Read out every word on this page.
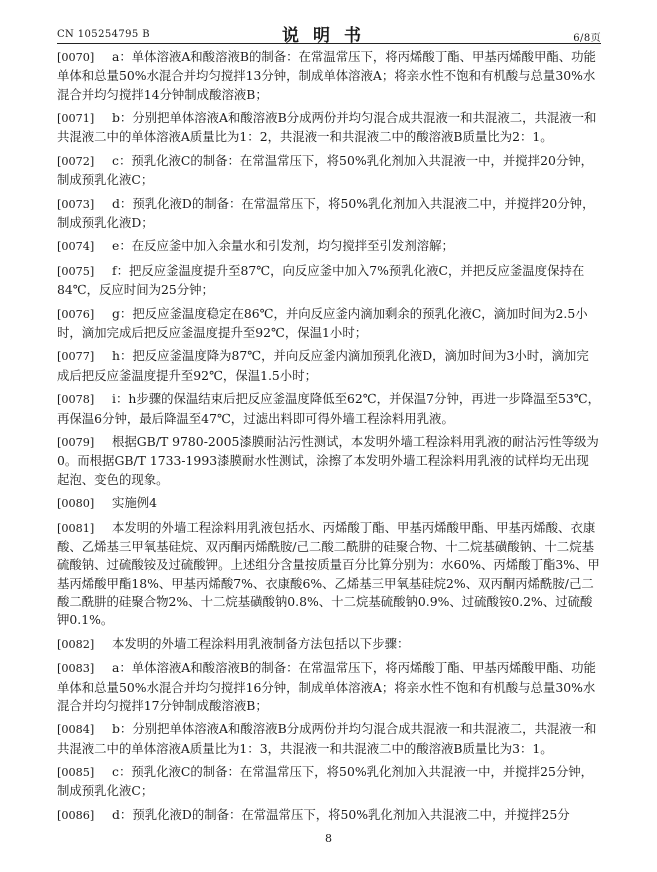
CN 105254795 B	说明书	6/8页
[0070] a：单体溶液A和酸溶液B的制备：在常温常压下，将丙烯酸丁酯、甲基丙烯酸甲酯、功能单体和总量50%水混合并均匀搅拌13分钟，制成单体溶液A；将亲水性不饱和有机酸与总量30%水混合并均匀搅拌14分钟制成酸溶液B；
[0071] b：分别把单体溶液A和酸溶液B分成两份并均匀混合成共混液一和共混液二，共混液一和共混液二中的单体溶液A质量比为1：2，共混液一和共混液二中的酸溶液B质量比为2：1。
[0072] c：预乳化液C的制备：在常温常压下，将50%乳化剂加入共混液一中，并搅拌20分钟，制成预乳化液C；
[0073] d：预乳化液D的制备：在常温常压下，将50%乳化剂加入共混液二中，并搅拌20分钟，制成预乳化液D；
[0074] e：在反应釜中加入余量水和引发剂，均匀搅拌至引发剂溶解；
[0075] f：把反应釜温度提升至87℃，向反应釜中加入7%预乳化液C，并把反应釜温度保持在84℃，反应时间为25分钟；
[0076] g：把反应釜温度稳定在86℃，并向反应釜内滴加剩余的预乳化液C，滴加时间为2.5小时，滴加完成后把反应釜温度提升至92℃，保温1小时；
[0077] h：把反应釜温度降为87℃，并向反应釜内滴加预乳化液D，滴加时间为3小时，滴加完成后把反应釜温度提升至92℃，保温1.5小时；
[0078] i：h步骤的保温结束后把反应釜温度降低至62℃，并保温7分钟，再进一步降温至53℃，再保温6分钟，最后降温至47℃，过滤出料即可得外墙工程涂料用乳液。
[0079] 根据GB/T 9780-2005漆膜耐沾污性测试，本发明外墙工程涂料用乳液的耐沾污性等级为0。而根据GB/T 1733-1993漆膜耐水性测试，涂擦了本发明外墙工程涂料用乳液的试样均无出现起泡、变色的现象。
[0080] 实施例4
[0081] 本发明的外墙工程涂料用乳液包括水、丙烯酸丁酯、甲基丙烯酸甲酯、甲基丙烯酸、衣康酸、乙烯基三甲氧基硅烷、双丙酮丙烯酰胺/己二酸二酰肼的硅聚合物、十二烷基磺酸钠、十二烷基硫酸钠、过硫酸铵及过硫酸钾。上述组分含量按质量百分比算分别为：水60%、丙烯酸丁酯3%、甲基丙烯酸甲酯18%、甲基丙烯酸7%、衣康酸6%、乙烯基三甲氧基硅烷2%、双丙酮丙烯酰胺/己二酸二酰肼的硅聚合物2%、十二烷基磺酸钠0.8%、十二烷基硫酸钠0.9%、过硫酸铵0.2%、过硫酸钾0.1%。
[0082] 本发明的外墙工程涂料用乳液制备方法包括以下步骤：
[0083] a：单体溶液A和酸溶液B的制备：在常温常压下，将丙烯酸丁酯、甲基丙烯酸甲酯、功能单体和总量50%水混合并均匀搅拌16分钟，制成单体溶液A；将亲水性不饱和有机酸与总量30%水混合并均匀搅拌17分钟制成酸溶液B；
[0084] b：分别把单体溶液A和酸溶液B分成两份并均匀混合成共混液一和共混液二，共混液一和共混液二中的单体溶液A质量比为1：3，共混液一和共混液二中的酸溶液B质量比为3：1。
[0085] c：预乳化液C的制备：在常温常压下，将50%乳化剂加入共混液一中，并搅拌25分钟，制成预乳化液C；
[0086] d：预乳化液D的制备：在常温常压下，将50%乳化剂加入共混液二中，并搅拌25分
8
